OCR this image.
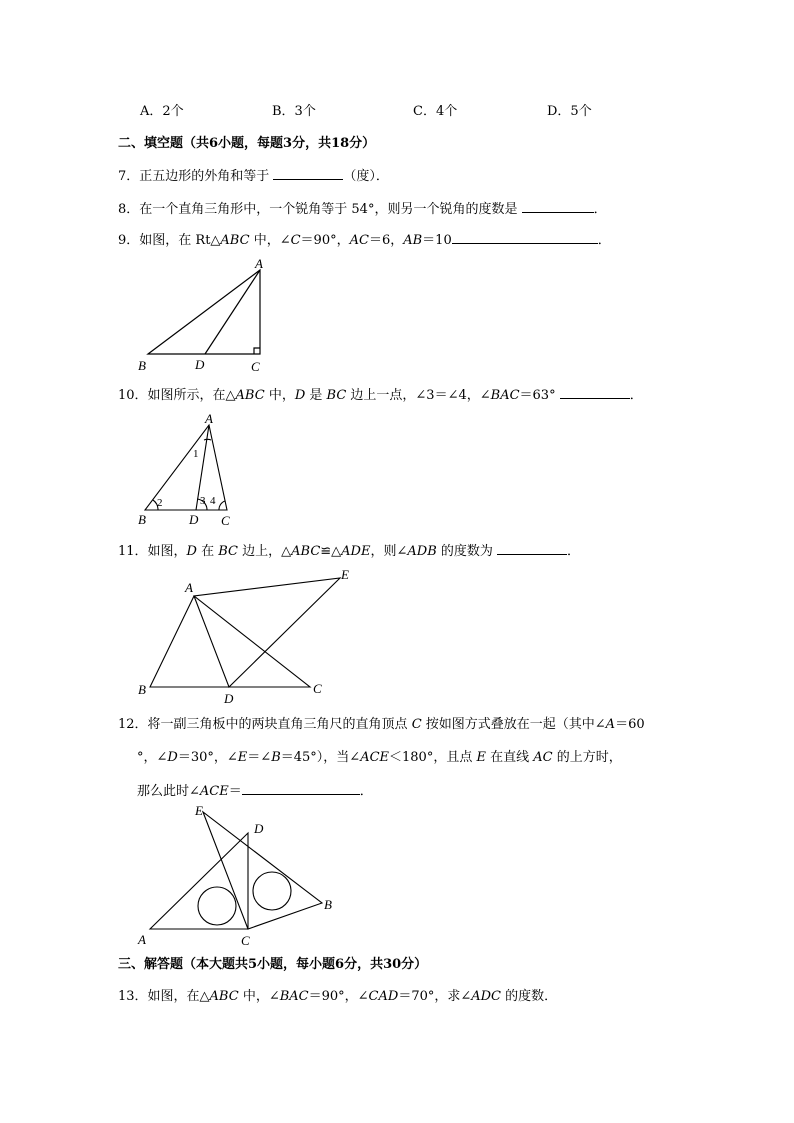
A．2个	B．3个	C．4个	D．5个
二、填空题（共6小题，每题3分，共18分）
7．正五边形的外角和等于	（度）．
8．在一个直角三角形中，一个锐角等于 54°，则另一个锐角的度数是	．
9．如图，在 Rt△ABC 中，∠C＝90°，AC＝6，AB＝10	．
A
B	D	C
10．如图所示，在△ABC 中，D 是 BC 边上一点，∠3＝∠4，∠BAC＝63°	．
A
B	D C
1
2	3 4
11．如图，D 在 BC 边上，△ABC≌△ADE，则∠ADB 的度数为	．
A
B
D
C
E
12．将一副三角板中的两块直角三角尺的直角顶点 C 按如图方式叠放在一起（其中∠A＝60
°，∠D＝30°，∠E＝∠B＝45°），当∠ACE＜180°，且点 E 在直线 AC 的上方时，
那么此时∠ACE＝	．
E
D
B
A	C
三、解答题（本大题共5小题，每小题6分，共30分）
13．如图，在△ABC 中，∠BAC＝90°，∠CAD＝70°，求∠ADC 的度数．
